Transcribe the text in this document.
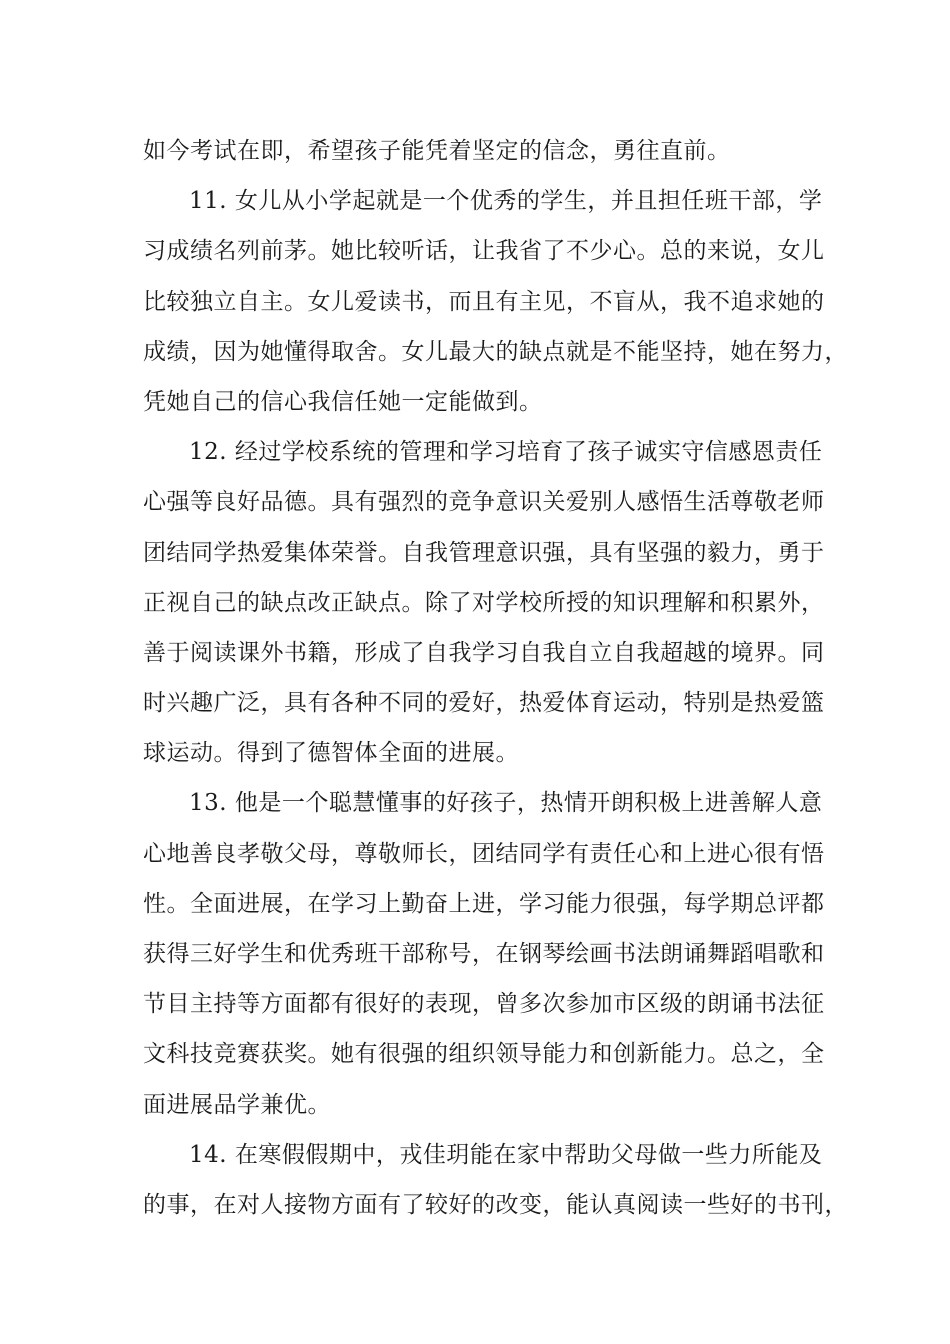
如今考试在即，希望孩子能凭着坚定的信念，勇往直前。
11. 女儿从小学起就是一个优秀的学生，并且担任班干部，学
习成绩名列前茅。她比较听话，让我省了不少心。总的来说，女儿
比较独立自主。女儿爱读书，而且有主见，不盲从，我不追求她的
成绩，因为她懂得取舍。女儿最大的缺点就是不能坚持，她在努力，
凭她自己的信心我信任她一定能做到。
12. 经过学校系统的管理和学习培育了孩子诚实守信感恩责任
心强等良好品德。具有强烈的竞争意识关爱别人感悟生活尊敬老师
团结同学热爱集体荣誉。自我管理意识强，具有坚强的毅力，勇于
正视自己的缺点改正缺点。除了对学校所授的知识理解和积累外，
善于阅读课外书籍，形成了自我学习自我自立自我超越的境界。同
时兴趣广泛，具有各种不同的爱好，热爱体育运动，特别是热爱篮
球运动。得到了德智体全面的进展。
13. 他是一个聪慧懂事的好孩子，热情开朗积极上进善解人意
心地善良孝敬父母，尊敬师长，团结同学有责任心和上进心很有悟
性。全面进展，在学习上勤奋上进，学习能力很强，每学期总评都
获得三好学生和优秀班干部称号，在钢琴绘画书法朗诵舞蹈唱歌和
节目主持等方面都有很好的表现，曾多次参加市区级的朗诵书法征
文科技竞赛获奖。她有很强的组织领导能力和创新能力。总之，全
面进展品学兼优。
14. 在寒假假期中，戎佳玥能在家中帮助父母做一些力所能及
的事，在对人接物方面有了较好的改变，能认真阅读一些好的书刊，
